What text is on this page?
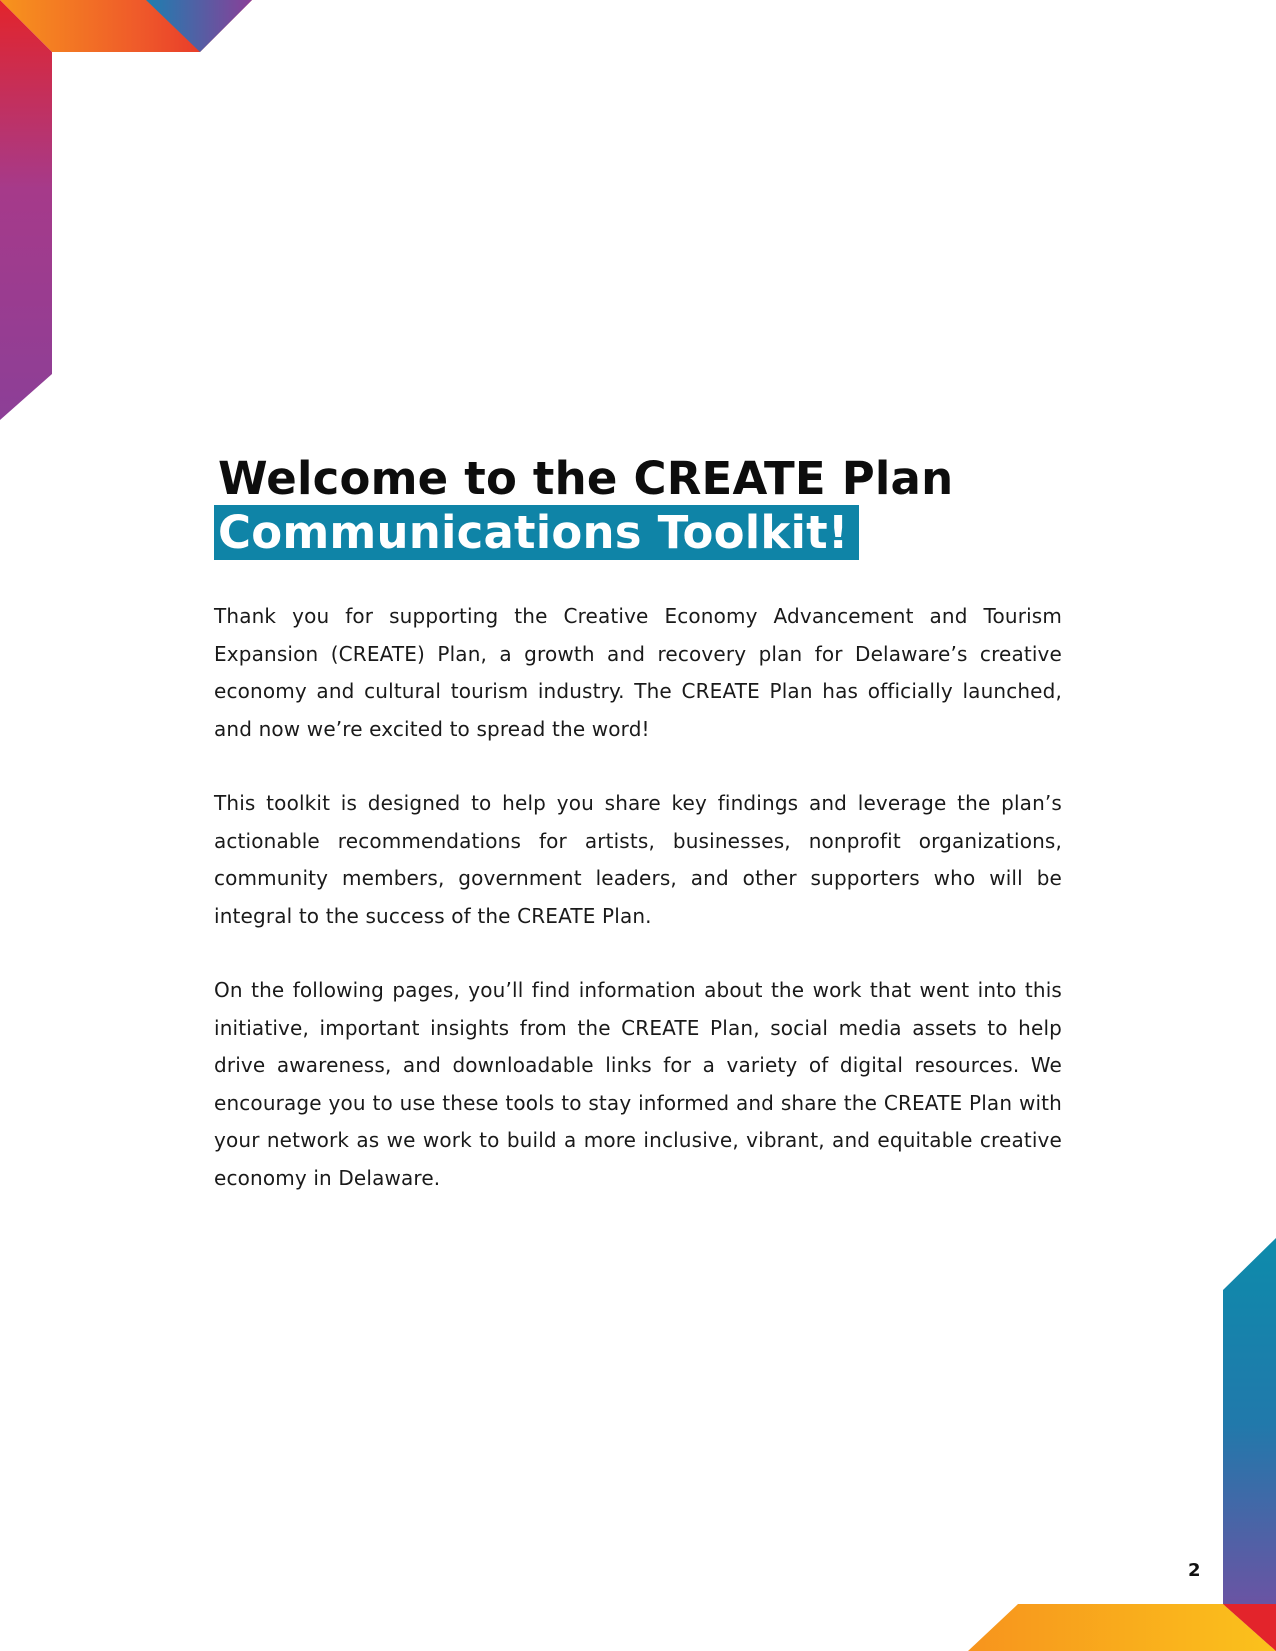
Welcome to the CREATE Plan
Communications Toolkit!

Thank you for supporting the Creative Economy Advancement and Tourism Expansion (CREATE) Plan, a growth and recovery plan for Delaware’s creative economy and cultural tourism industry. The CREATE Plan has officially launched, and now we’re excited to spread the word!

This toolkit is designed to help you share key findings and leverage the plan’s actionable recommendations for artists, businesses, nonprofit organizations, community members, government leaders, and other supporters who will be integral to the success of the CREATE Plan.

On the following pages, you’ll find information about the work that went into this initiative, important insights from the CREATE Plan, social media assets to help drive awareness, and downloadable links for a variety of digital resources. We encourage you to use these tools to stay informed and share the CREATE Plan with your network as we work to build a more inclusive, vibrant, and equitable creative economy in Delaware.

2
